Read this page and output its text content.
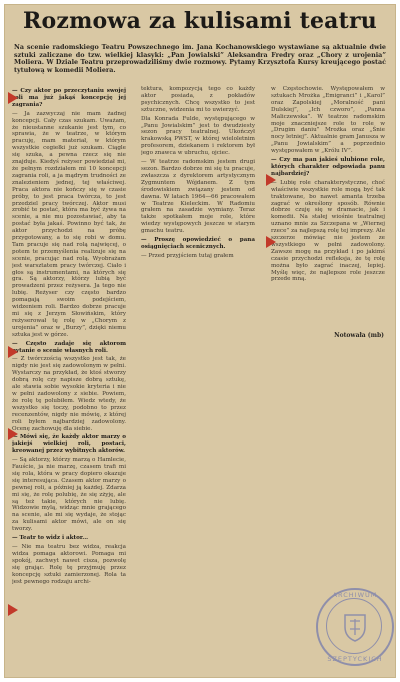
Rozmowa za kulisami teatru
Na scenie radomskiego Teatru Powszechnego im. Jana Kochanowskiego wystawiane są aktualnie dwie sztuki zaliczane do tzw. wielkiej klasyki: „Pan Jowialski” Aleksandra Fredry oraz „Chory z urojenia” Moliera. W Dziale Teatru przeprowadziliśmy dwie rozmowy. Pytamy Krzysztofa Kursy kreującego postać tytułową w komedii Moliera.
— Czy aktor po przeczytaniu swojej roli ma już jakąś koncepcję jej zagrania?
— Ja zazwyczaj nie mam żadnej koncepcji. Cały czas szukam. Uważam, że nieustanne szukanie jest tym, co sprawia, że w teatrze, w którym pracuję, mam materiał, w którym wszystkie cegiełki już szukam. Ciągle się szuka, a pewna rzecz się nie znajduje. Kiedyś reżyser powiedział mi, że pełnym rozdziałem mi 10 koncepcji zagrania roli, a ja mądrym trudności ze znalezieniem jednej, tej właściwej. Praca aktora nie kończy się w czasie próby, to jest praca twórcza, to jest przedziel pracy twórczej. Aktor musi zrobić te postać, która ma być żywa na scenie, a nie mu pozostawiać, aby ta postać była jakaś. Powinno być tak, że aktor przychodzi na próbę przygotowany, a to się robi w domu. Tam pracuje się nad rolą najwięcej, o potem te przemyślenia realizuje się na scenie, pracując nad rolą. Wyobrażam jest warsztatem pracy twórczej. Ciało i głos są instrumentami, na których się gra. Są aktorzy, którzy lubią być prowadzeni przez reżysera. Ja tego nie lubię. Reżyser czy często bardzo pomagają swoim podejściem, widzeniem roli. Bardzo dobrze pracuje mi się z Jerzym Słowińskim, który reżyserował tę rolę w „Chorym z urojenia” oraz w „Burzy”, dzięki niemu sztuka jest w górze.
— Często zadaje się aktorom pytanie o scenie własnych roli.
— Z twórczością wszystko jest tak, że nigdy nie jest się zadowolonym w pełni. Wystarczy na przykład, że ktoś stworzy dobrą rolę czy napisze dobrą sztukę, ale stawia sobie wysokie kryteria i nie w pełni zadowolony z siebie. Powiem, że rolę tę polubiłem. Wiedz wtedy, że wszystko się toczy, podobno to przez recenzentów, nigdy nie mówię, z której roli byłem najbardziej zadowolony. Ocenę zachowuję dla siebie.
— Mówi się, że każdy aktor marzy o jakiejś wielkiej roli, postaci, kreowanej przez wybitnych aktorów.
— Są aktorzy, którzy marzą o Hamlecie, Fauście, ja nie marzę, czasem trafi mi się rola, która w pracy dopiero okazuje się interesująca. Czasem aktor marzy o pewnej roli, a później ją każdej. Zdarza mi się, że rolę polubię, że się zżyję, ale są też takie, których nie lubię. Widzowie mylą, widząc mnie grającego na scenie, ale mi się wydaje, że stojąc za kulisami aktor mówi, ale on się tworzy.
— Teatr to widz i aktor...
— Nie ma teatru bez widza, reakcja widza pomaga aktorowi. Pomaga mi spokój, zachwyt nawet cisza, pozwolę się grając. Rolę tę przyjmuję przez koncepcję sztuki zamierzonej. Rola ta jest pewnego rodzaju archi-
tektura, kompozycją tego co każdy aktor posiada, z pokładów psychicznych. Chcę wszystko to jest sztuczne, widzenia mi to uwierzyć.
Dla Konrada Fulde, występującego w „Panu Jowialskim” jest to dwudziesty sezon pracy teatralnej. Ukończył krakowską PWST, w której wieloletnim profesorem, dziekanem i rektorem był jego znawca w ubruchu, ojciec.
— W teatrze radomskim jestem drugi sezon. Bardzo dobrze mi się tu pracuje, zwłaszcza z dyrektorem artystycznym Zygmuntem Wójdanem. Z tym środowiskiem związany jestem od dawna. W latach 1964—66 pracowałem w Teatrze Kieleckim. W Radomiu grałem na zasadzie wymiany. Teraz także spotkałem moje role, które wiedzy występowych jeszcze w starym gmachu teatru.
— Proszę opowiedzieć o pana osiągnięciach scenicznych.
— Przed przyjściem tutaj grałem
w Częstochowie. Występowałem w sztukach Mrożka „Emigranci” i „Karol” oraz Zapolskiej „Moralność pani Dulskiej”, „Ich czworo”, „Panna Maliczewska”. W teatrze radomskim moje znaczniejsze role to role w „Drugim daniu” Mrożka oraz „Śnie nocy letniej”. Aktualnie gram Janusza w „Panu Jowialskim” a poprzednio występowałem w „Królu IV”.
— Czy ma pan jakieś ulubione role, których charakter odpowiada panu najbardziej?
— Lubię role charakterystyczne, choć właściwie wszystkie role mogą być tak traktowane, bo nawet amanta trzeba zagrać w określony sposób. Równie dobrze czuję się w dramacie, jak i komedii. Na stałej wiośnie teatralnej uznano mnie za Szczepana w „Wiernej rzece” za najlepszą rolę tej imprezy. Ale szczerze mówiąc nie jestem ze wszystkiego w pełni zadowolony. Zawsze mogę na przykład i po jakimś czasie przychodzi refleksja, że tę rolę można było zagrać inaczej, lepiej. Myślę więc, że najlepsze role jeszcze przede mną.
Notowała (mb)
ARCHIWUM
SZEPTYCKICH
